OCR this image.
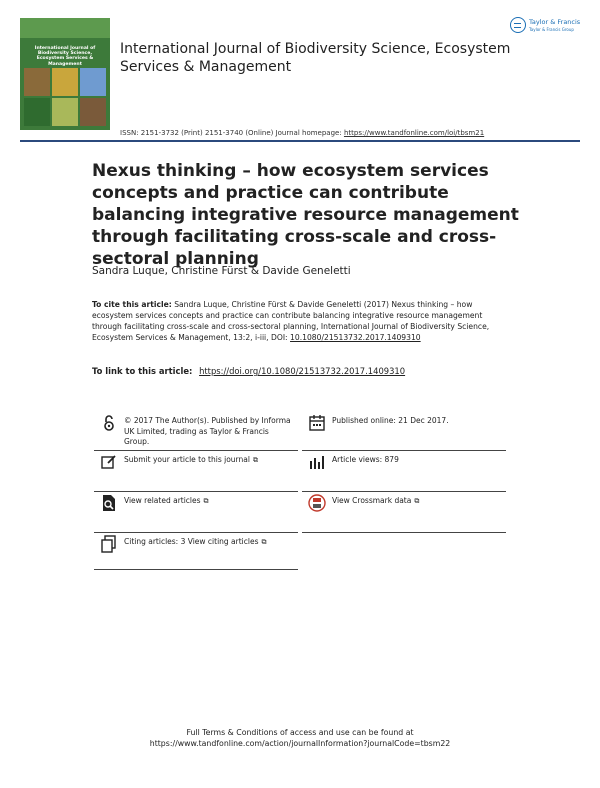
International Journal of
Biodiversity Science,
Ecosystem Services & Management
Taylor & Francis
Taylor & Francis Group
International Journal of Biodiversity Science, Ecosystem Services & Management
ISSN: 2151-3732 (Print) 2151-3740 (Online) Journal homepage: https://www.tandfonline.com/loi/tbsm21
Nexus thinking – how ecosystem services concepts and practice can contribute balancing integrative resource management through facilitating cross-scale and cross-sectoral planning
Sandra Luque, Christine Fürst & Davide Geneletti
To cite this article: Sandra Luque, Christine Fürst & Davide Geneletti (2017) Nexus thinking – how ecosystem services concepts and practice can contribute balancing integrative resource management through facilitating cross-scale and cross-sectoral planning, International Journal of Biodiversity Science, Ecosystem Services & Management, 13:2, i-iii, DOI: 10.1080/21513732.2017.1409310
To link to this article: https://doi.org/10.1080/21513732.2017.1409310
© 2017 The Author(s). Published by Informa UK Limited, trading as Taylor & Francis Group.
Published online: 21 Dec 2017.
Submit your article to this journal ⧉	Article views: 879
View related articles ⧉	View Crossmark data ⧉
Citing articles: 3 View citing articles ⧉
Full Terms & Conditions of access and use can be found at
https://www.tandfonline.com/action/journalInformation?journalCode=tbsm22
